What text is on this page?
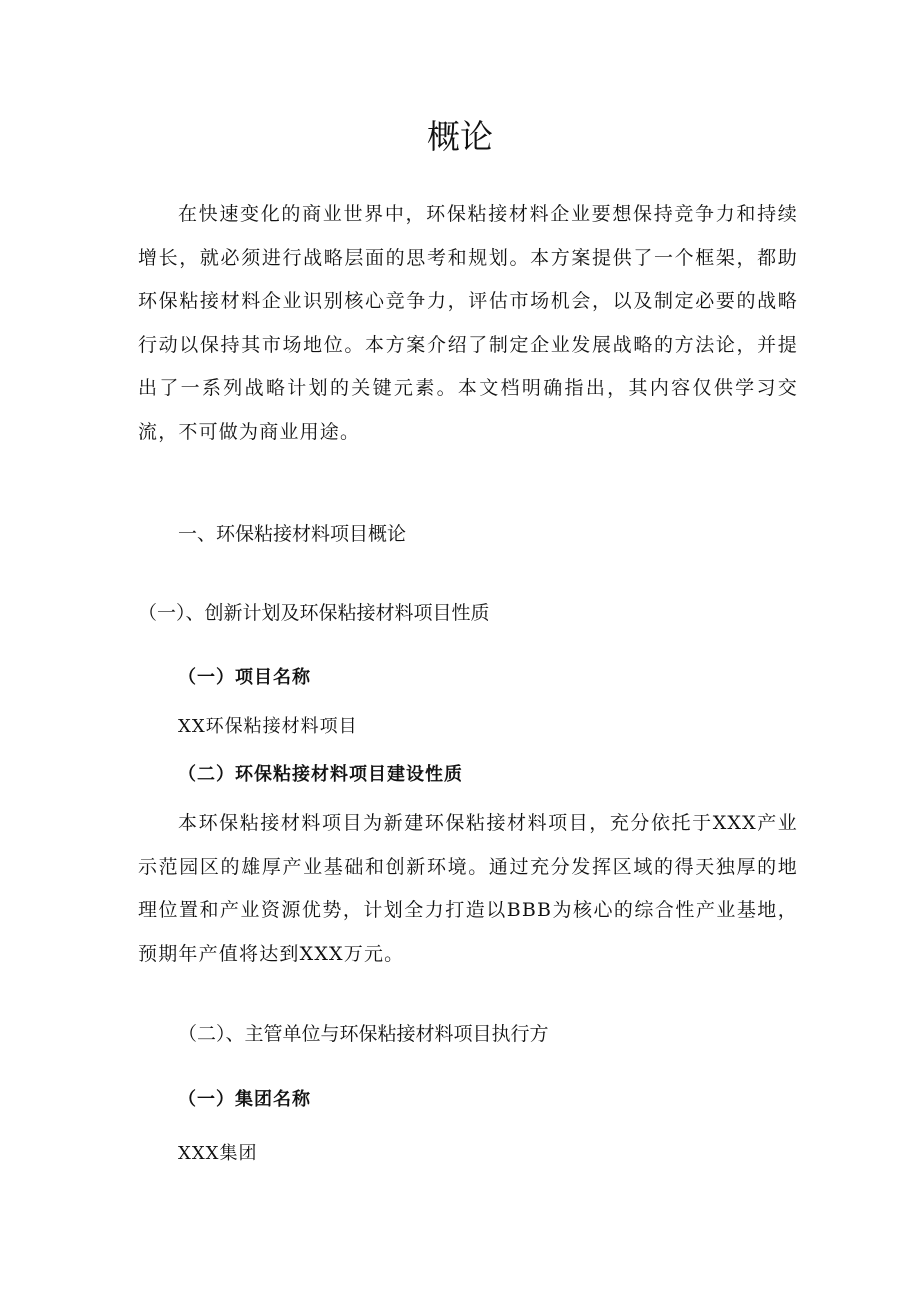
概论

在快速变化的商业世界中，环保粘接材料企业要想保持竞争力和持续增长，就必须进行战略层面的思考和规划。本方案提供了一个框架，都助环保粘接材料企业识别核心竞争力，评估市场机会，以及制定必要的战略行动以保持其市场地位。本方案介绍了制定企业发展战略的方法论，并提出了一系列战略计划的关键元素。本文档明确指出，其内容仅供学习交流，不可做为商业用途。

一、环保粘接材料项目概论
（一）、创新计划及环保粘接材料项目性质
（一）项目名称

XX环保粘接材料项目

（二）环保粘接材料项目建设性质

本环保粘接材料项目为新建环保粘接材料项目，充分依托于XXX产业示范园区的雄厚产业基础和创新环境。通过充分发挥区域的得天独厚的地理位置和产业资源优势，计划全力打造以BBB为核心的综合性产业基地，预期年产值将达到XXX万元。

（二）、主管单位与环保粘接材料项目执行方
（一）集团名称

XXX集团
